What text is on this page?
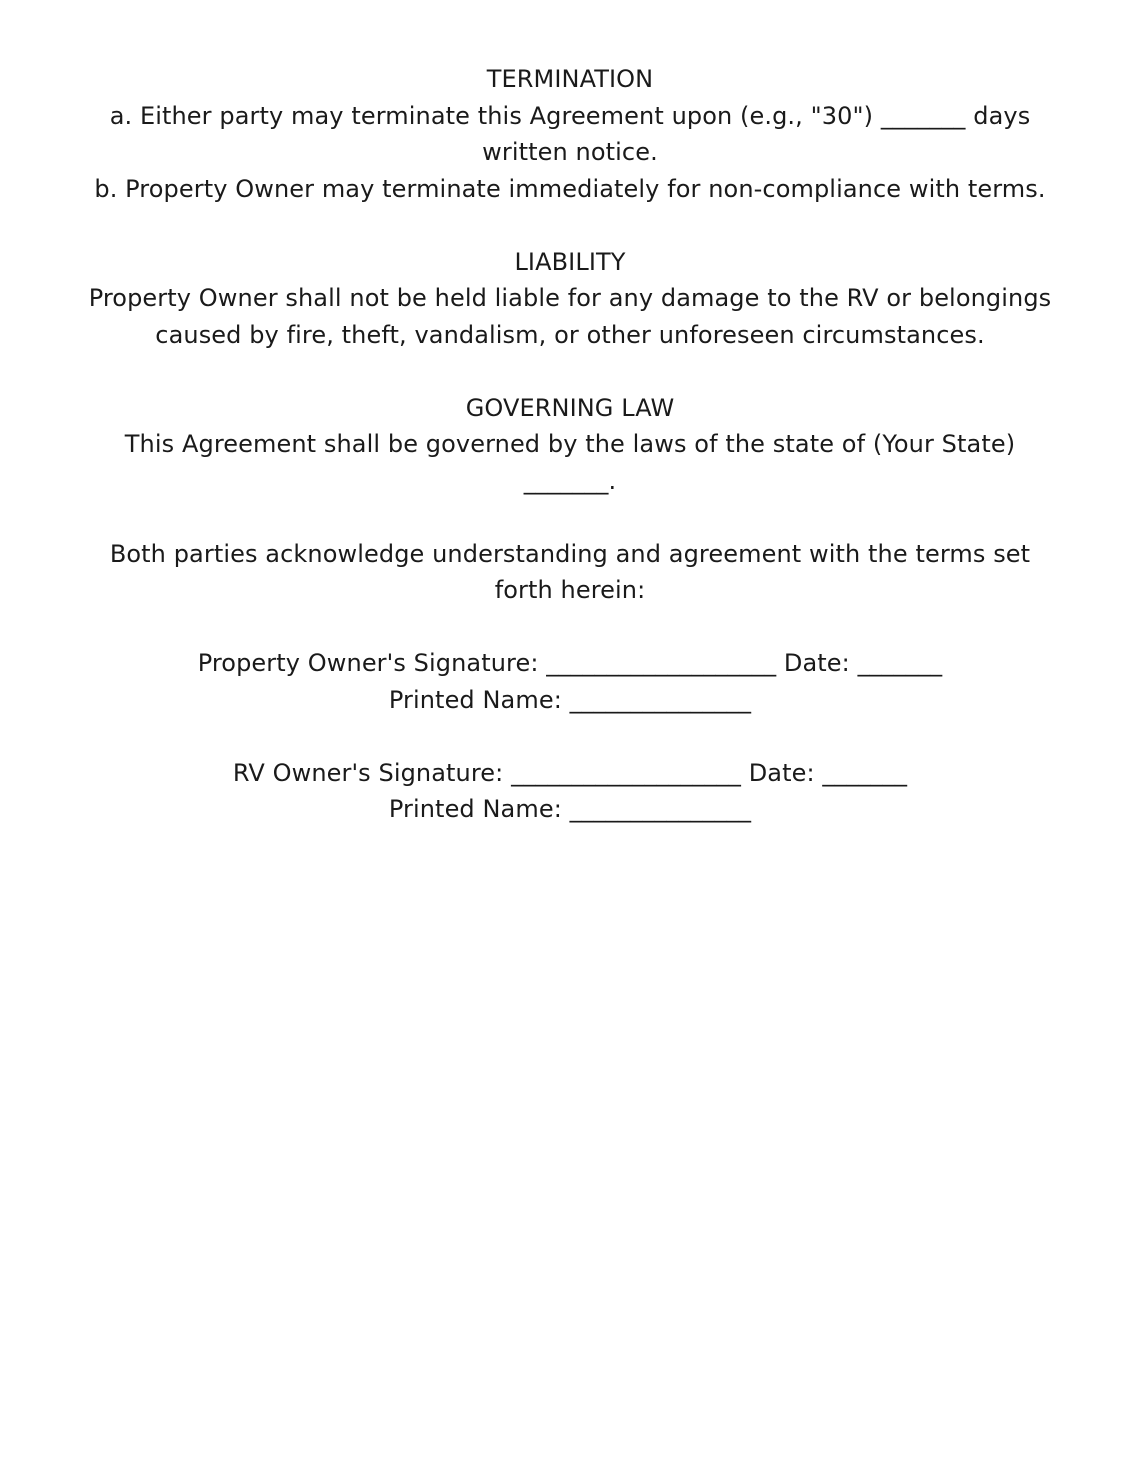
TERMINATION
a. Either party may terminate this Agreement upon (e.g., "30") _______ days
written notice.
b. Property Owner may terminate immediately for non-compliance with terms.
LIABILITY
Property Owner shall not be held liable for any damage to the RV or belongings
caused by fire, theft, vandalism, or other unforeseen circumstances.
GOVERNING LAW
This Agreement shall be governed by the laws of the state of (Your State)
_______.
Both parties acknowledge understanding and agreement with the terms set
forth herein:
Property Owner's Signature: ___________________ Date: _______
Printed Name: _______________
RV Owner's Signature: ___________________ Date: _______
Printed Name: _______________
